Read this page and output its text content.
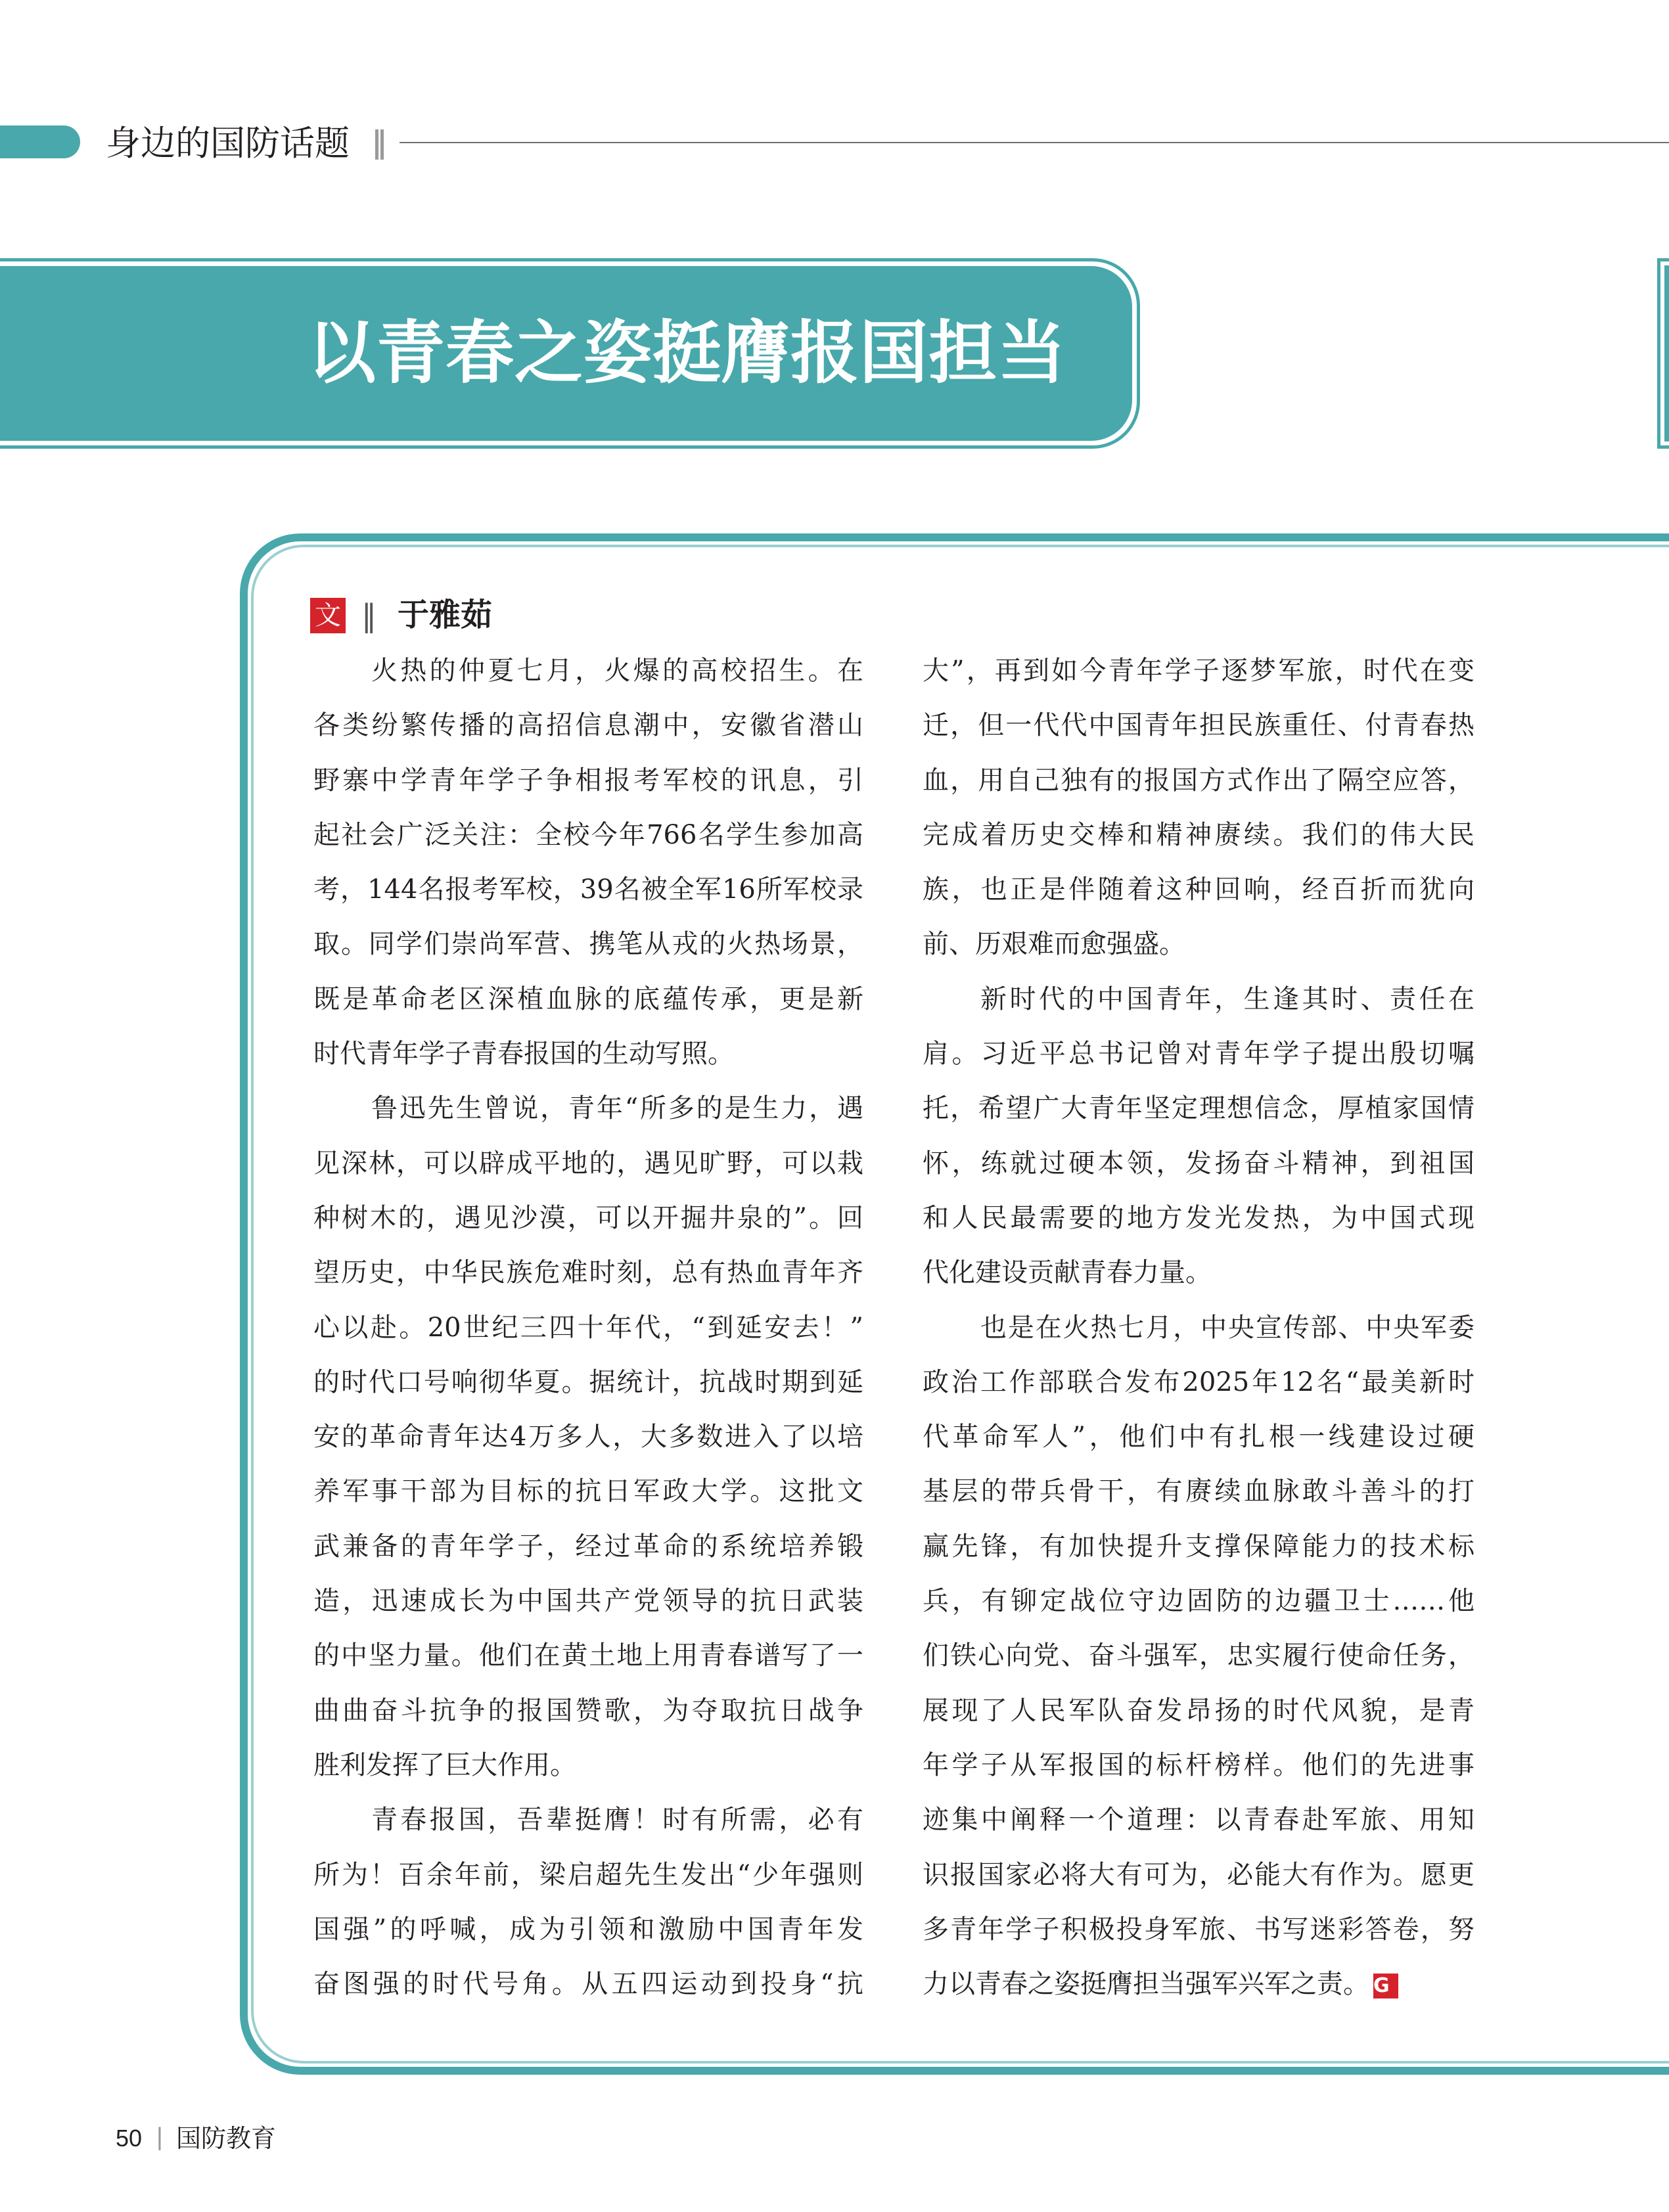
身边的国防话题
以青春之姿挺膺报国担当
文 ‖ 于雅茹
火热的仲夏七月，火爆的高校招生。在
各类纷繁传播的高招信息潮中，安徽省潜山
野寨中学青年学子争相报考军校的讯息，引
起社会广泛关注：全校今年766名学生参加高
考，144名报考军校，39名被全军16所军校录
取。同学们崇尚军营、携笔从戎的火热场景，
既是革命老区深植血脉的底蕴传承，更是新
时代青年学子青春报国的生动写照。
鲁迅先生曾说，青年“所多的是生力，遇
见深林，可以辟成平地的，遇见旷野，可以栽
种树木的，遇见沙漠，可以开掘井泉的”。回
望历史，中华民族危难时刻，总有热血青年齐
心以赴。20世纪三四十年代，“到延安去！”
的时代口号响彻华夏。据统计，抗战时期到延
安的革命青年达4万多人，大多数进入了以培
养军事干部为目标的抗日军政大学。这批文
武兼备的青年学子，经过革命的系统培养锻
造，迅速成长为中国共产党领导的抗日武装
的中坚力量。他们在黄土地上用青春谱写了一
曲曲奋斗抗争的报国赞歌，为夺取抗日战争
胜利发挥了巨大作用。
青春报国，吾辈挺膺！时有所需，必有
所为！百余年前，梁启超先生发出“少年强则
国强”的呼喊，成为引领和激励中国青年发
奋图强的时代号角。从五四运动到投身“抗
大”，再到如今青年学子逐梦军旅，时代在变
迁，但一代代中国青年担民族重任、付青春热
血，用自己独有的报国方式作出了隔空应答，
完成着历史交棒和精神赓续。我们的伟大民
族，也正是伴随着这种回响，经百折而犹向
前、历艰难而愈强盛。
新时代的中国青年，生逢其时、责任在
肩。习近平总书记曾对青年学子提出殷切嘱
托，希望广大青年坚定理想信念，厚植家国情
怀，练就过硬本领，发扬奋斗精神，到祖国
和人民最需要的地方发光发热，为中国式现
代化建设贡献青春力量。
也是在火热七月，中央宣传部、中央军委
政治工作部联合发布2025年12名“最美新时
代革命军人”，他们中有扎根一线建设过硬
基层的带兵骨干，有赓续血脉敢斗善斗的打
赢先锋，有加快提升支撑保障能力的技术标
兵，有铆定战位守边固防的边疆卫士……他
们铁心向党、奋斗强军，忠实履行使命任务，
展现了人民军队奋发昂扬的时代风貌，是青
年学子从军报国的标杆榜样。他们的先进事
迹集中阐释一个道理：以青春赴军旅、用知
识报国家必将大有可为，必能大有作为。愿更
多青年学子积极投身军旅、书写迷彩答卷，努
力以青春之姿挺膺担当强军兴军之责。 G
50 | 国防教育
